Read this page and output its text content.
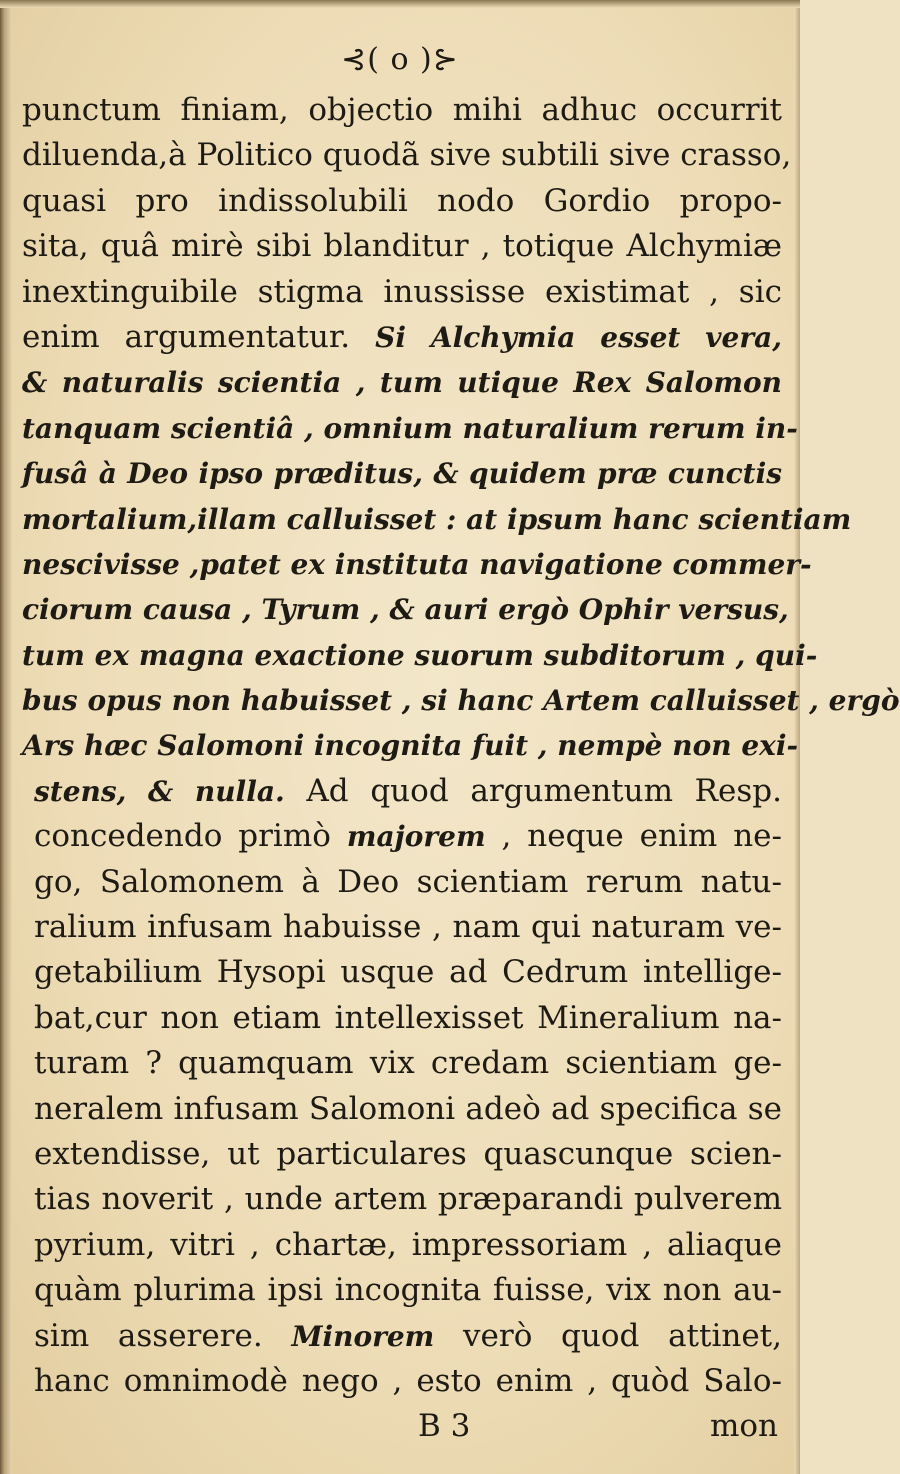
⊰( o )⊱
punctum finiam, objectio mihi adhuc occurrit
diluenda,à Politico quodã sive subtili sive crasso,
quasi pro indissolubili nodo Gordio propo-
sita, quâ mirè sibi blanditur , totique Alchymiæ
inextinguibile stigma inussisse existimat , sic
enim argumentatur. Si Alchymia esset vera,
& naturalis scientia , tum utique Rex Salomon
tanquam scientiâ , omnium naturalium rerum in-
fusâ à Deo ipso præditus, & quidem præ cunctis
mortalium,illam calluisset : at ipsum hanc scientiam
nescivisse ,patet ex instituta navigatione commer-
ciorum causa , Tyrum , & auri ergò Ophir versus,
tum ex magna exactione suorum subditorum , qui-
bus opus non habuisset , si hanc Artem calluisset , ergò
Ars hæc Salomoni incognita fuit , nempè non exi-
stens, & nulla. Ad quod argumentum Resp.
concedendo primò majorem , neque enim ne-
go, Salomonem à Deo scientiam rerum natu-
ralium infusam habuisse , nam qui naturam ve-
getabilium Hysopi usque ad Cedrum intellige-
bat,cur non etiam intellexisset Mineralium na-
turam ? quamquam vix credam scientiam ge-
neralem infusam Salomoni adeò ad specifica se
extendisse, ut particulares quascunque scien-
tias noverit , unde artem præparandi pulverem
pyrium, vitri , chartæ, impressoriam , aliaque
quàm plurima ipsi incognita fuisse, vix non au-
sim asserere. Minorem verò quod attinet,
hanc omnimodè nego , esto enim , quòd Salo-
B 3	mon
